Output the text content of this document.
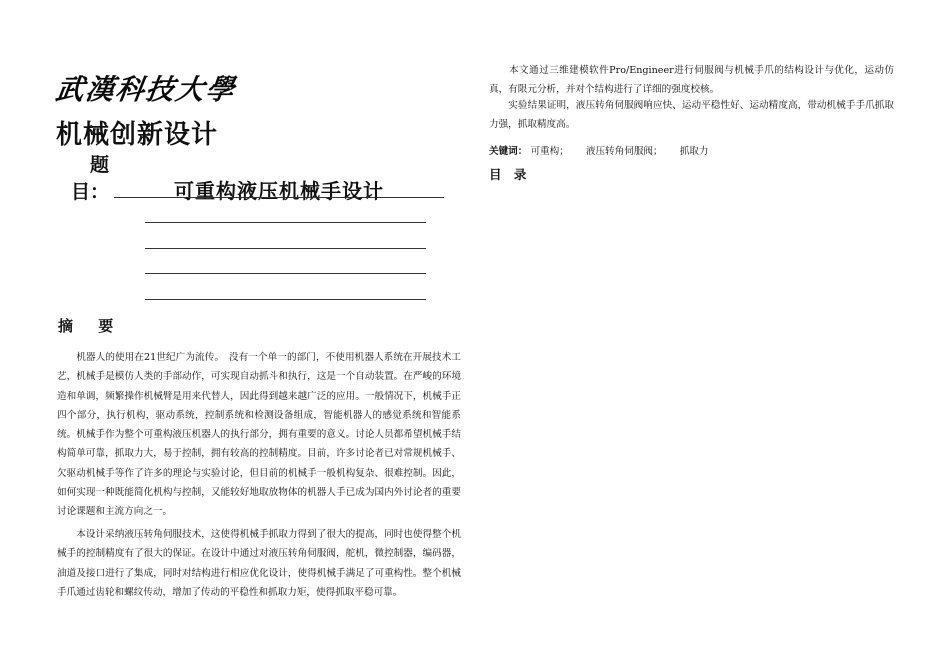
武漢科技大學
机械创新设计
题
目：	可重构液压机械手设计
摘 要

　　机器人的使用在21世纪广为流传。　没有一个单一的部门，不使用机器人系统在开展技术工艺，机械手是模仿人类的手部动作，可实现自动抓斗和执行，这是一个自动装置。在严峻的环境造和单调，频繁操作机械臂是用来代替人，因此得到越来越广泛的应用。一般情况下，机械手正四个部分，执行机构，驱动系统，控制系统和检测设备组成，智能机器人的感觉系统和智能系统。机械手作为整个可重构液压机器人的执行部分，拥有重要的意义。讨论人员都希望机械手结构简单可靠，抓取力大，易于控制，拥有较高的控制精度。目前，许多讨论者已对常规机械手、欠驱动机械手等作了许多的理论与实验讨论，但目前的机械手一般机构复杂、很难控制。因此，如何实现一种既能简化机构与控制，又能较好地取放物体的机器人手已成为国内外讨论者的重要讨论课题和主流方向之一。

　　本设计采纳液压转角伺服技术，这使得机械手抓取力得到了很大的提高，同时也使得整个机械手的控制精度有了很大的保证。在设计中通过对液压转角伺服阀，舵机，微控制器，编码器，油道及接口进行了集成，同时对结构进行相应优化设计，使得机械手满足了可重构性。整个机械手爪通过齿轮和螺纹传动，增加了传动的平稳性和抓取力矩，使得抓取平稳可靠。

　　本文通过三维建模软件Pro/Engineer进行伺服阀与机械手爪的结构设计与优化，运动仿真，有限元分析，并对个结构进行了详细的强度校核。

　　实验结果证明，液压转角伺服阀响应快、运动平稳性好、运动精度高，带动机械手手爪抓取力强，抓取精度高。

关键词： 可重构； 液压转角伺服阀； 抓取力
目 录
